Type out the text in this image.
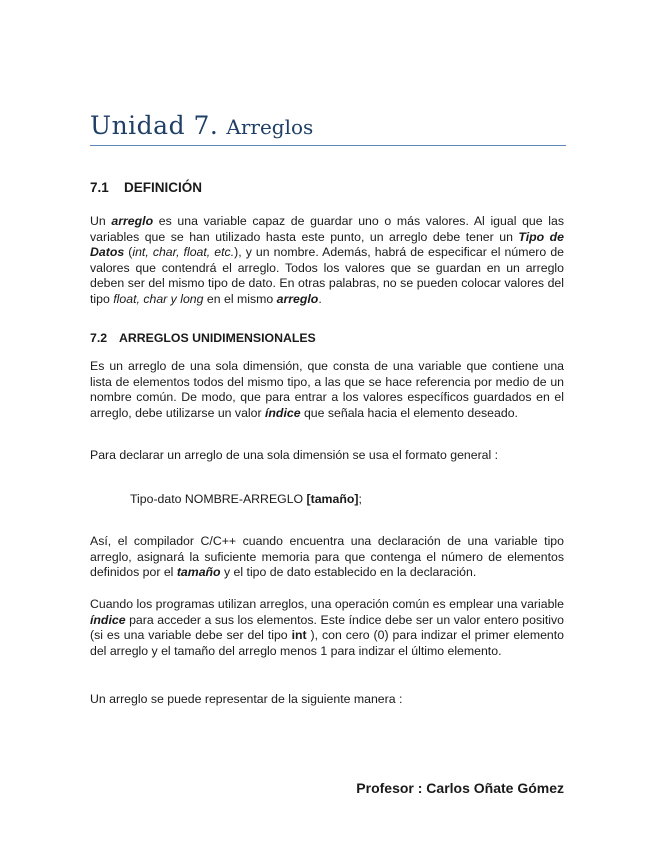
Unidad 7. Arreglos
7.1 DEFINICIÓN

Un arreglo es una variable capaz de guardar uno o más valores. Al igual que las variables que se han utilizado hasta este punto, un arreglo debe tener un Tipo de Datos (int, char, float, etc.), y un nombre. Además, habrá de especificar el número de valores que contendrá el arreglo. Todos los valores que se guardan en un arreglo deben ser del mismo tipo de dato. En otras palabras, no se pueden colocar valores del tipo float, char y long en el mismo arreglo.

7.2 ARREGLOS UNIDIMENSIONALES

Es un arreglo de una sola dimensión, que consta de una variable que contiene una lista de elementos todos del mismo tipo, a las que se hace referencia por medio de un nombre común. De modo, que para entrar a los valores específicos guardados en el arreglo, debe utilizarse un valor índice que señala hacia el elemento deseado.

Para declarar un arreglo de una sola dimensión se usa el formato general :

Tipo-dato NOMBRE-ARREGLO [tamaño];

Así, el compilador C/C++ cuando encuentra una declaración de una variable tipo arreglo, asignará la suficiente memoria para que contenga el número de elementos definidos por el tamaño y el tipo de dato establecido en la declaración.

Cuando los programas utilizan arreglos, una operación común es emplear una variable índice para acceder a sus los elementos. Este índice debe ser un valor entero positivo (si es una variable debe ser del tipo int ), con cero (0) para indizar el primer elemento del arreglo y el tamaño del arreglo menos 1 para indizar el último elemento.

Un arreglo se puede representar de la siguiente manera :

Profesor : Carlos Oñate Gómez
